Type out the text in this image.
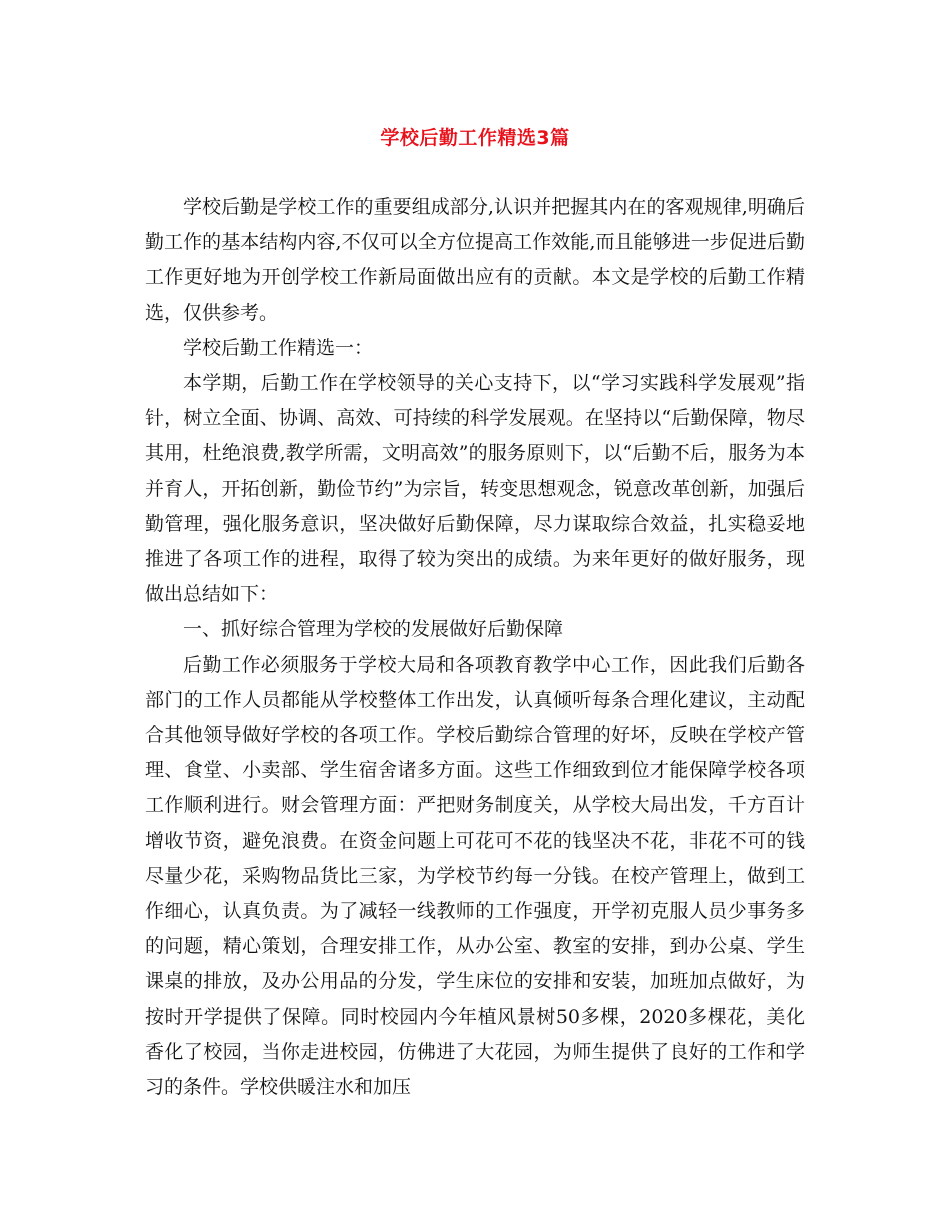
学校后勤工作精选3篇

学校后勤是学校工作的重要组成部分,认识并把握其内在的客观规律,明确后勤工作的基本结构内容,不仅可以全方位提高工作效能,而且能够进一步促进后勤工作更好地为开创学校工作新局面做出应有的贡献。本文是学校的后勤工作精选，仅供参考。

学校后勤工作精选一：

本学期，后勤工作在学校领导的关心支持下，以“学习实践科学发展观”指针，树立全面、协调、高效、可持续的科学发展观。在坚持以“后勤保障，物尽其用，杜绝浪费,教学所需，文明高效”的服务原则下，以“后勤不后，服务为本并育人，开拓创新，勤俭节约”为宗旨，转变思想观念，锐意改革创新，加强后勤管理，强化服务意识，坚决做好后勤保障，尽力谋取综合效益，扎实稳妥地推进了各项工作的进程，取得了较为突出的成绩。为来年更好的做好服务，现做出总结如下：

一、抓好综合管理为学校的发展做好后勤保障

后勤工作必须服务于学校大局和各项教育教学中心工作，因此我们后勤各部门的工作人员都能从学校整体工作出发，认真倾听每条合理化建议，主动配合其他领导做好学校的各项工作。学校后勤综合管理的好坏，反映在学校产管理、食堂、小卖部、学生宿舍诸多方面。这些工作细致到位才能保障学校各项工作顺利进行。财会管理方面：严把财务制度关，从学校大局出发，千方百计增收节资，避免浪费。在资金问题上可花可不花的钱坚决不花，非花不可的钱尽量少花，采购物品货比三家，为学校节约每一分钱。在校产管理上，做到工作细心，认真负责。为了减轻一线教师的工作强度，开学初克服人员少事务多的问题，精心策划，合理安排工作，从办公室、教室的安排，到办公桌、学生课桌的排放，及办公用品的分发，学生床位的安排和安装，加班加点做好，为按时开学提供了保障。同时校园内今年植风景树50多棵，2020多棵花，美化香化了校园，当你走进校园，仿佛进了大花园，为师生提供了良好的工作和学习的条件。学校供暖注水和加压
